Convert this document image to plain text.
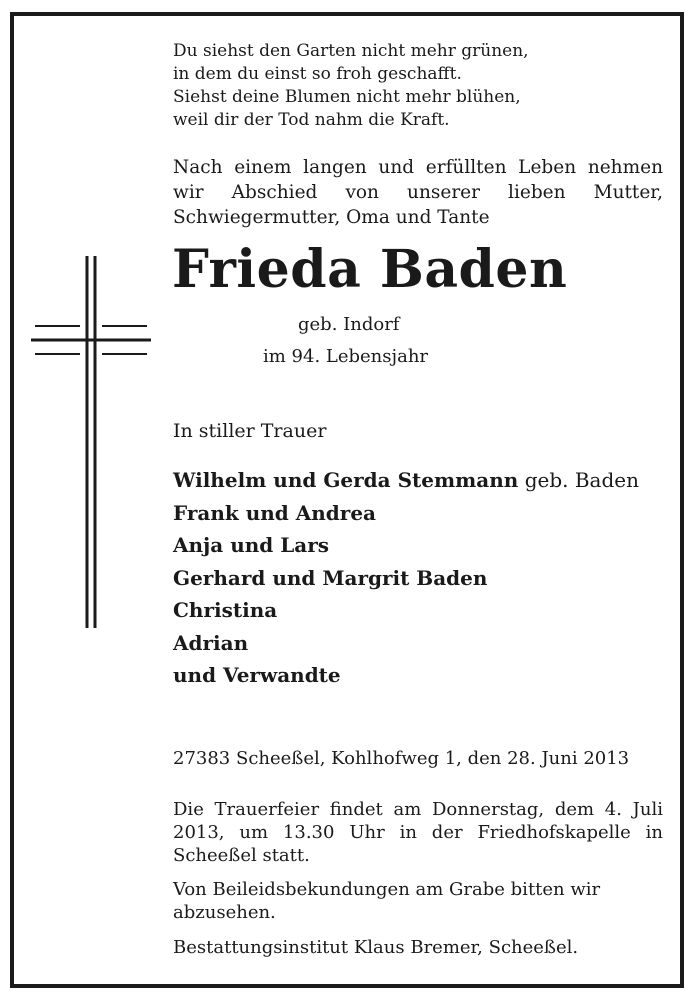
Du siehst den Garten nicht mehr grünen,
in dem du einst so froh geschafft.
Siehst deine Blumen nicht mehr blühen,
weil dir der Tod nahm die Kraft.
Nach einem langen und erfüllten Leben nehmen wir Abschied von unserer lieben Mutter, Schwiegermutter, Oma und Tante
Frieda Baden
geb. Indorf
im 94. Lebensjahr
In stiller Trauer
Wilhelm und Gerda Stemmann geb. Baden
Frank und Andrea
Anja und Lars
Gerhard und Margrit Baden
Christina
Adrian
und Verwandte
27383 Scheeßel, Kohlhofweg 1, den 28. Juni 2013
Die Trauerfeier findet am Donnerstag, dem 4. Juli 2013, um 13.30 Uhr in der Friedhofskapelle in Scheeßel statt.
Von Beileidsbekundungen am Grabe bitten wir abzusehen.
Bestattungsinstitut Klaus Bremer, Scheeßel.
